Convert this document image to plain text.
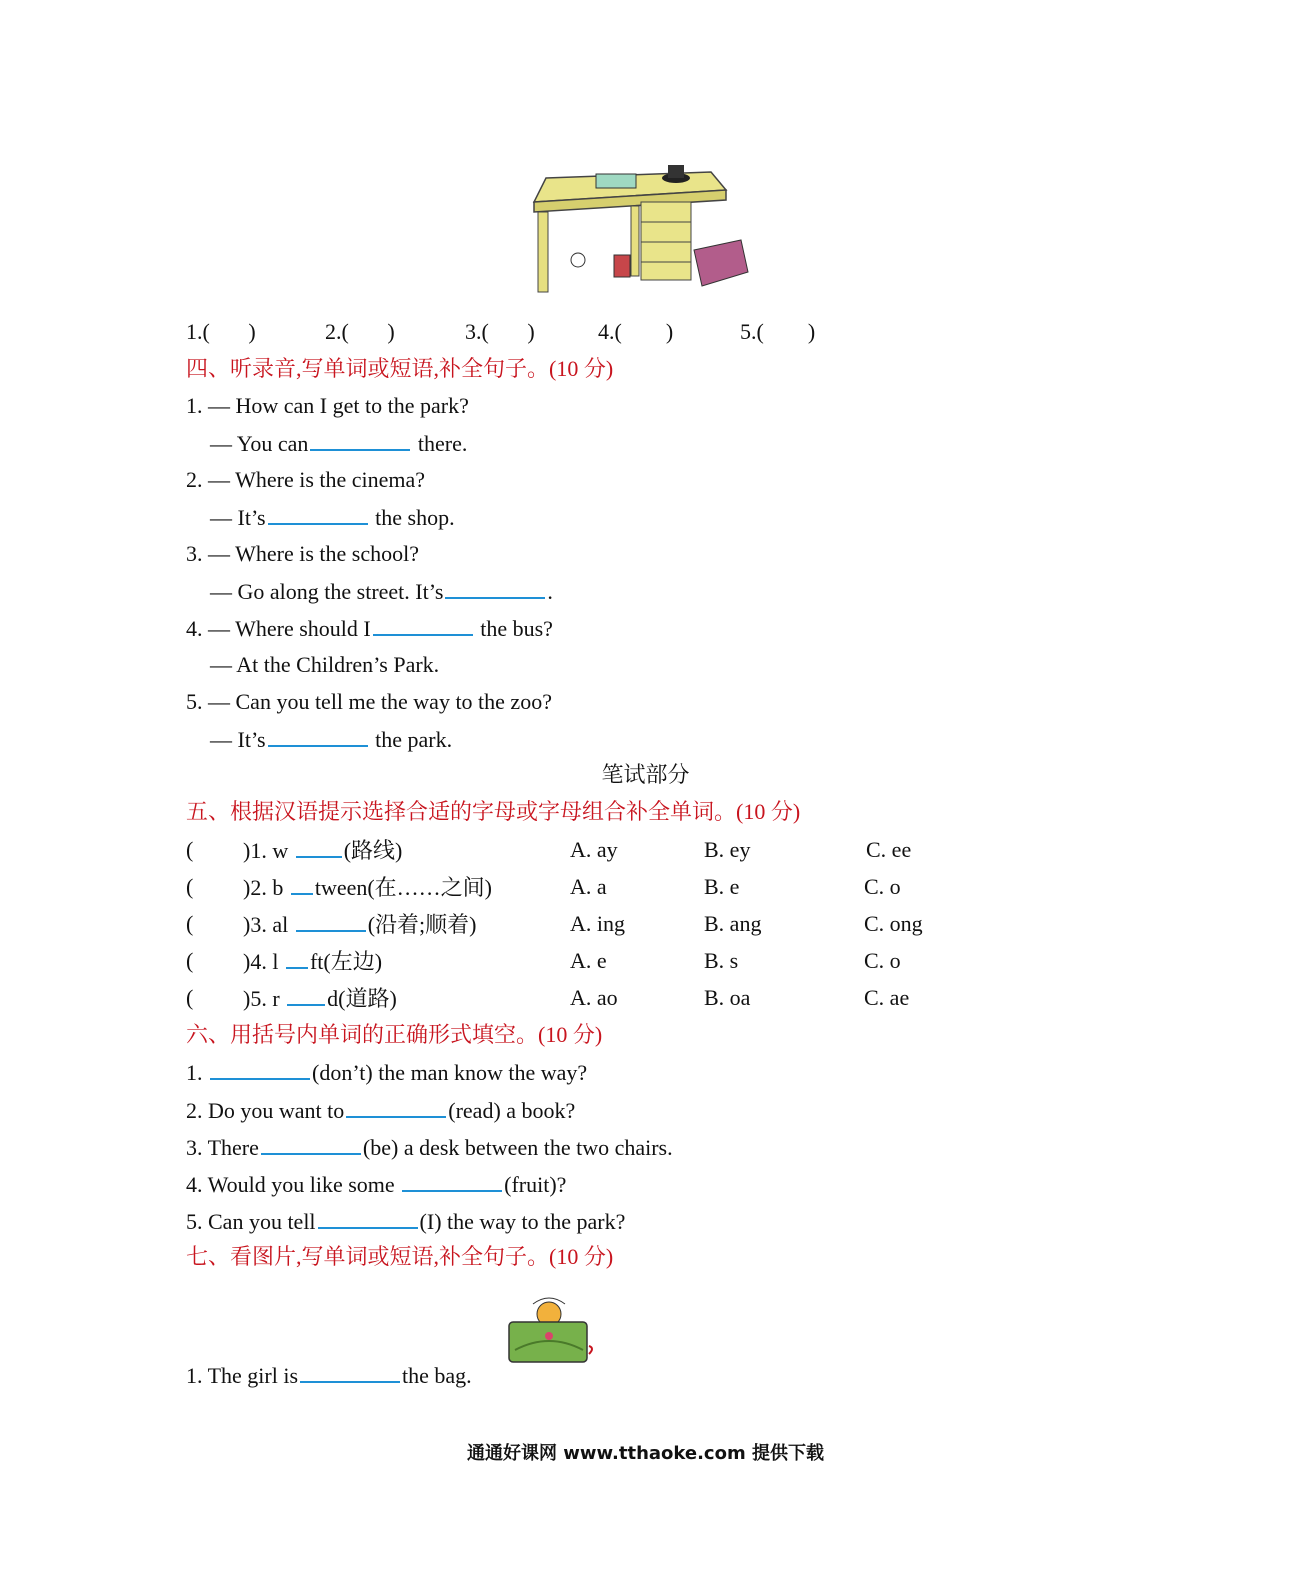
1.( )	2.( )	3.( )	4.( )	5.( )
四、听录音,写单词或短语,补全句子。(10 分)
1. — How can I get to the park?
— You can	there.
2. — Where is the cinema?
— It’s	the shop.
3. — Where is the school?
— Go along the street. It’s	.
4. — Where should I	the bus?
— At the Children’s Park.
5. — Can you tell me the way to the zoo?
— It’s	the park.
笔试部分
五、根据汉语提示选择合适的字母或字母组合补全单词。(10 分)
( )1. w	(路线)	A. ay	B. ey	C. ee
( )2. b tween(在……之间)	A. a	B. e	C. o
( )3. al	(沿着;顺着)	A. ing	B. ang	C. ong
( )4. l ft(左边)	A. e	B. s	C. o
( )5. r d(道路)	A. ao	B. oa	C. ae
六、用括号内单词的正确形式填空。(10 分)
1.	(don’t) the man know the way?
2. Do you want to	(read) a book?
3. There	(be) a desk between the two chairs.
4. Would you like some	(fruit)?
5. Can you tell	(I) the way to the park?
七、看图片,写单词或短语,补全句子。(10 分)
1. The girl is	the bag.
通通好课网 www.tthaoke.com 提供下载
